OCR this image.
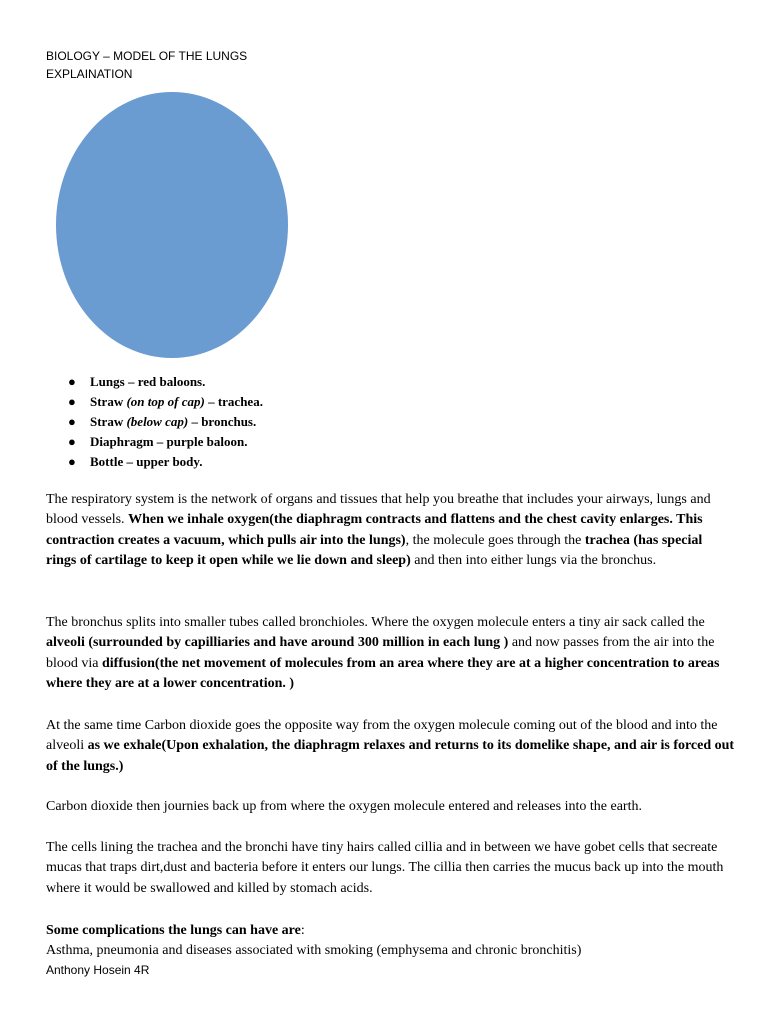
BIOLOGY – MODEL OF THE LUNGS
EXPLAINATION
● Lungs – red baloons.
● Straw (on top of cap) – trachea.
● Straw (below cap) – bronchus.
● Diaphragm – purple baloon.
● Bottle – upper body.

The respiratory system is the network of organs and tissues that help you breathe that includes your airways, lungs and blood vessels. When we inhale oxygen(the diaphragm contracts and flattens and the chest cavity enlarges. This contraction creates a vacuum, which pulls air into the lungs), the molecule goes through the trachea (has special rings of cartilage to keep it open while we lie down and sleep) and then into either lungs via the bronchus.

The bronchus splits into smaller tubes called bronchioles. Where the oxygen molecule enters a tiny air sack called the alveoli (surrounded by capilliaries and have around 300 million in each lung ) and now passes from the air into the blood via diffusion(the net movement of molecules from an area where they are at a higher concentration to areas where they are at a lower concentration. )

At the same time Carbon dioxide goes the opposite way from the oxygen molecule coming out of the blood and into the alveoli as we exhale(Upon exhalation, the diaphragm relaxes and returns to its domelike shape, and air is forced out of the lungs.)

Carbon dioxide then journies back up from where the oxygen molecule entered and releases into the earth.

The cells lining the trachea and the bronchi have tiny hairs called cillia and in between we have gobet cells that secreate mucas that traps dirt,dust and bacteria before it enters our lungs. The cillia then carries the mucus back up into the mouth where it would be swallowed and killed by stomach acids.

Some complications the lungs can have are:
Asthma, pneumonia and diseases associated with smoking (emphysema and chronic bronchitis)

Anthony Hosein 4R
